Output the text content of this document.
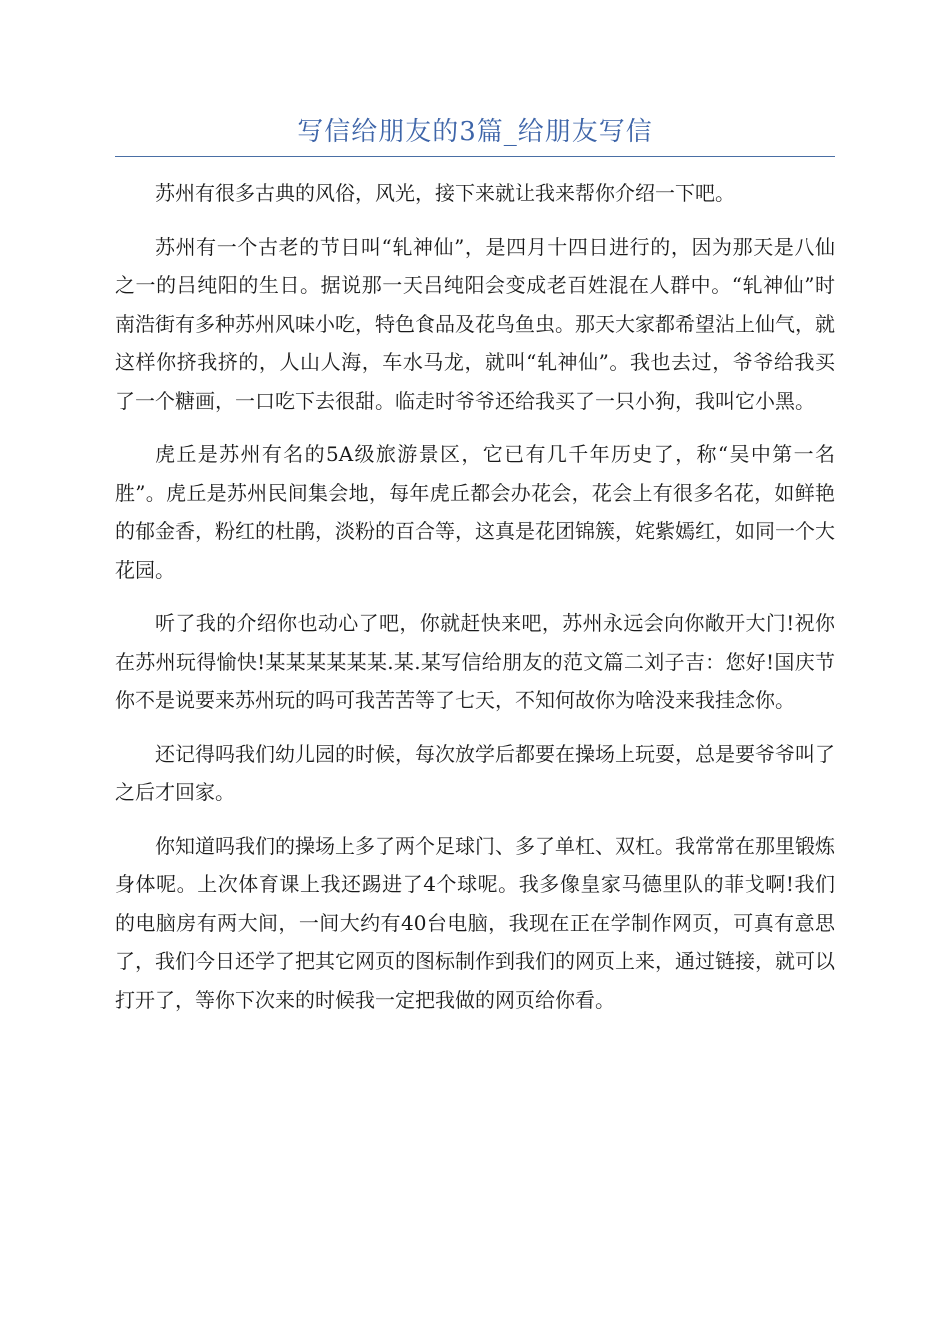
写信给朋友的3篇_给朋友写信

苏州有很多古典的风俗，风光，接下来就让我来帮你介绍一下吧。

苏州有一个古老的节日叫“轧神仙”，是四月十四日进行的，因为那天是八仙之一的吕纯阳的生日。据说那一天吕纯阳会变成老百姓混在人群中。“轧神仙”时南浩街有多种苏州风味小吃，特色食品及花鸟鱼虫。那天大家都希望沾上仙气，就这样你挤我挤的，人山人海，车水马龙，就叫“轧神仙”。我也去过，爷爷给我买了一个糖画，一口吃下去很甜。临走时爷爷还给我买了一只小狗，我叫它小黑。

虎丘是苏州有名的5A级旅游景区，它已有几千年历史了，称“吴中第一名胜”。虎丘是苏州民间集会地，每年虎丘都会办花会，花会上有很多名花，如鲜艳的郁金香，粉红的杜鹃，淡粉的百合等，这真是花团锦簇，姹紫嫣红，如同一个大花园。

听了我的介绍你也动心了吧，你就赶快来吧，苏州永远会向你敞开大门!祝你在苏州玩得愉快!某某某某某某.某.某写信给朋友的范文篇二刘子吉：您好!国庆节你不是说要来苏州玩的吗可我苦苦等了七天，不知何故你为啥没来我挂念你。

还记得吗我们幼儿园的时候，每次放学后都要在操场上玩耍，总是要爷爷叫了之后才回家。

你知道吗我们的操场上多了两个足球门、多了单杠、双杠。我常常在那里锻炼身体呢。上次体育课上我还踢进了4个球呢。我多像皇家马德里队的菲戈啊!我们的电脑房有两大间，一间大约有40台电脑，我现在正在学制作网页，可真有意思了，我们今日还学了把其它网页的图标制作到我们的网页上来，通过链接，就可以打开了，等你下次来的时候我一定把我做的网页给你看。
